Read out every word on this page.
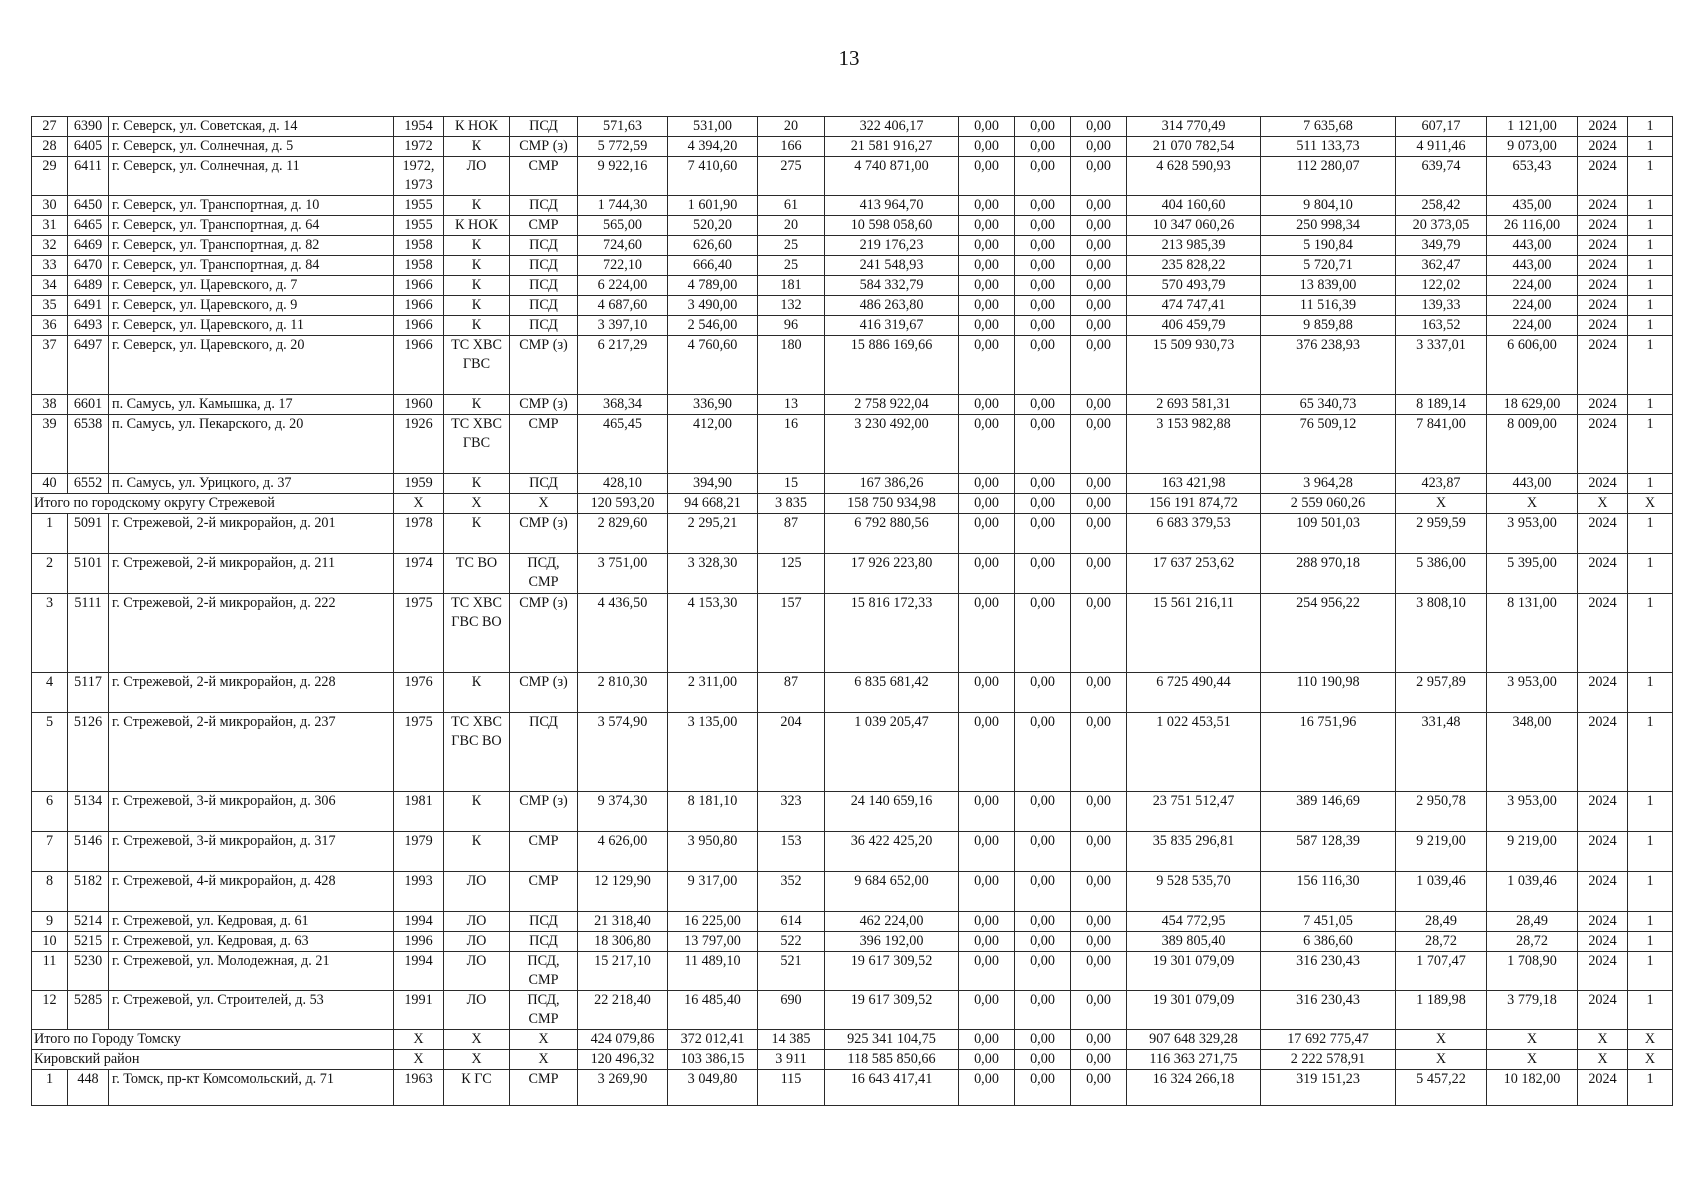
13
27	6390	г. Северск, ул. Советская, д. 14	1954	К НОК	ПСД	571,63	531,00	20	322 406,17	0,00	0,00	0,00	314 770,49	7 635,68	607,17	1 121,00	2024	1
28	6405	г. Северск, ул. Солнечная, д. 5	1972	К	СМР (з)	5 772,59	4 394,20	166	21 581 916,27	0,00	0,00	0,00	21 070 782,54	511 133,73	4 911,46	9 073,00	2024	1
29	6411	г. Северск, ул. Солнечная, д. 11	1972, 1973	ЛО	СМР	9 922,16	7 410,60	275	4 740 871,00	0,00	0,00	0,00	4 628 590,93	112 280,07	639,74	653,43	2024	1
30	6450	г. Северск, ул. Транспортная, д. 10	1955	К	ПСД	1 744,30	1 601,90	61	413 964,70	0,00	0,00	0,00	404 160,60	9 804,10	258,42	435,00	2024	1
31	6465	г. Северск, ул. Транспортная, д. 64	1955	К НОК	СМР	565,00	520,20	20	10 598 058,60	0,00	0,00	0,00	10 347 060,26	250 998,34	20 373,05	26 116,00	2024	1
32	6469	г. Северск, ул. Транспортная, д. 82	1958	К	ПСД	724,60	626,60	25	219 176,23	0,00	0,00	0,00	213 985,39	5 190,84	349,79	443,00	2024	1
33	6470	г. Северск, ул. Транспортная, д. 84	1958	К	ПСД	722,10	666,40	25	241 548,93	0,00	0,00	0,00	235 828,22	5 720,71	362,47	443,00	2024	1
34	6489	г. Северск, ул. Царевского, д. 7	1966	К	ПСД	6 224,00	4 789,00	181	584 332,79	0,00	0,00	0,00	570 493,79	13 839,00	122,02	224,00	2024	1
35	6491	г. Северск, ул. Царевского, д. 9	1966	К	ПСД	4 687,60	3 490,00	132	486 263,80	0,00	0,00	0,00	474 747,41	11 516,39	139,33	224,00	2024	1
36	6493	г. Северск, ул. Царевского, д. 11	1966	К	ПСД	3 397,10	2 546,00	96	416 319,67	0,00	0,00	0,00	406 459,79	9 859,88	163,52	224,00	2024	1
37	6497	г. Северск, ул. Царевского, д. 20	1966	ТС ХВС ГВС	СМР (з)	6 217,29	4 760,60	180	15 886 169,66	0,00	0,00	0,00	15 509 930,73	376 238,93	3 337,01	6 606,00	2024	1
38	6601	п. Самусь, ул. Камышка, д. 17	1960	К	СМР (з)	368,34	336,90	13	2 758 922,04	0,00	0,00	0,00	2 693 581,31	65 340,73	8 189,14	18 629,00	2024	1
39	6538	п. Самусь, ул. Пекарского, д. 20	1926	ТС ХВС ГВС	СМР	465,45	412,00	16	3 230 492,00	0,00	0,00	0,00	3 153 982,88	76 509,12	7 841,00	8 009,00	2024	1
40	6552	п. Самусь, ул. Урицкого, д. 37	1959	К	ПСД	428,10	394,90	15	167 386,26	0,00	0,00	0,00	163 421,98	3 964,28	423,87	443,00	2024	1
Итого по городскому округу Стрежевой			Х	Х	Х	120 593,20	94 668,21	3 835	158 750 934,98	0,00	0,00	0,00	156 191 874,72	2 559 060,26	Х	Х	Х	Х
1	5091	г. Стрежевой, 2-й микрорайон, д. 201	1978	К	СМР (з)	2 829,60	2 295,21	87	6 792 880,56	0,00	0,00	0,00	6 683 379,53	109 501,03	2 959,59	3 953,00	2024	1
2	5101	г. Стрежевой, 2-й микрорайон, д. 211	1974	ТС ВО	ПСД, СМР	3 751,00	3 328,30	125	17 926 223,80	0,00	0,00	0,00	17 637 253,62	288 970,18	5 386,00	5 395,00	2024	1
3	5111	г. Стрежевой, 2-й микрорайон, д. 222	1975	ТС ХВС ГВС ВО	СМР (з)	4 436,50	4 153,30	157	15 816 172,33	0,00	0,00	0,00	15 561 216,11	254 956,22	3 808,10	8 131,00	2024	1
4	5117	г. Стрежевой, 2-й микрорайон, д. 228	1976	К	СМР (з)	2 810,30	2 311,00	87	6 835 681,42	0,00	0,00	0,00	6 725 490,44	110 190,98	2 957,89	3 953,00	2024	1
5	5126	г. Стрежевой, 2-й микрорайон, д. 237	1975	ТС ХВС ГВС ВО	ПСД	3 574,90	3 135,00	204	1 039 205,47	0,00	0,00	0,00	1 022 453,51	16 751,96	331,48	348,00	2024	1
6	5134	г. Стрежевой, 3-й микрорайон, д. 306	1981	К	СМР (з)	9 374,30	8 181,10	323	24 140 659,16	0,00	0,00	0,00	23 751 512,47	389 146,69	2 950,78	3 953,00	2024	1
7	5146	г. Стрежевой, 3-й микрорайон, д. 317	1979	К	СМР	4 626,00	3 950,80	153	36 422 425,20	0,00	0,00	0,00	35 835 296,81	587 128,39	9 219,00	9 219,00	2024	1
8	5182	г. Стрежевой, 4-й микрорайон, д. 428	1993	ЛО	СМР	12 129,90	9 317,00	352	9 684 652,00	0,00	0,00	0,00	9 528 535,70	156 116,30	1 039,46	1 039,46	2024	1
9	5214	г. Стрежевой, ул. Кедровая, д. 61	1994	ЛО	ПСД	21 318,40	16 225,00	614	462 224,00	0,00	0,00	0,00	454 772,95	7 451,05	28,49	28,49	2024	1
10	5215	г. Стрежевой, ул. Кедровая, д. 63	1996	ЛО	ПСД	18 306,80	13 797,00	522	396 192,00	0,00	0,00	0,00	389 805,40	6 386,60	28,72	28,72	2024	1
11	5230	г. Стрежевой, ул. Молодежная, д. 21	1994	ЛО	ПСД, СМР	15 217,10	11 489,10	521	19 617 309,52	0,00	0,00	0,00	19 301 079,09	316 230,43	1 707,47	1 708,90	2024	1
12	5285	г. Стрежевой, ул. Строителей, д. 53	1991	ЛО	ПСД, СМР	22 218,40	16 485,40	690	19 617 309,52	0,00	0,00	0,00	19 301 079,09	316 230,43	1 189,98	3 779,18	2024	1
Итого по Городу Томску			Х	Х	Х	424 079,86	372 012,41	14 385	925 341 104,75	0,00	0,00	0,00	907 648 329,28	17 692 775,47	Х	Х	Х	Х
Кировский район			Х	Х	Х	120 496,32	103 386,15	3 911	118 585 850,66	0,00	0,00	0,00	116 363 271,75	2 222 578,91	Х	Х	Х	Х
1	448	г. Томск, пр-кт Комсомольский, д. 71	1963	К ГС	СМР	3 269,90	3 049,80	115	16 643 417,41	0,00	0,00	0,00	16 324 266,18	319 151,23	5 457,22	10 182,00	2024	1
